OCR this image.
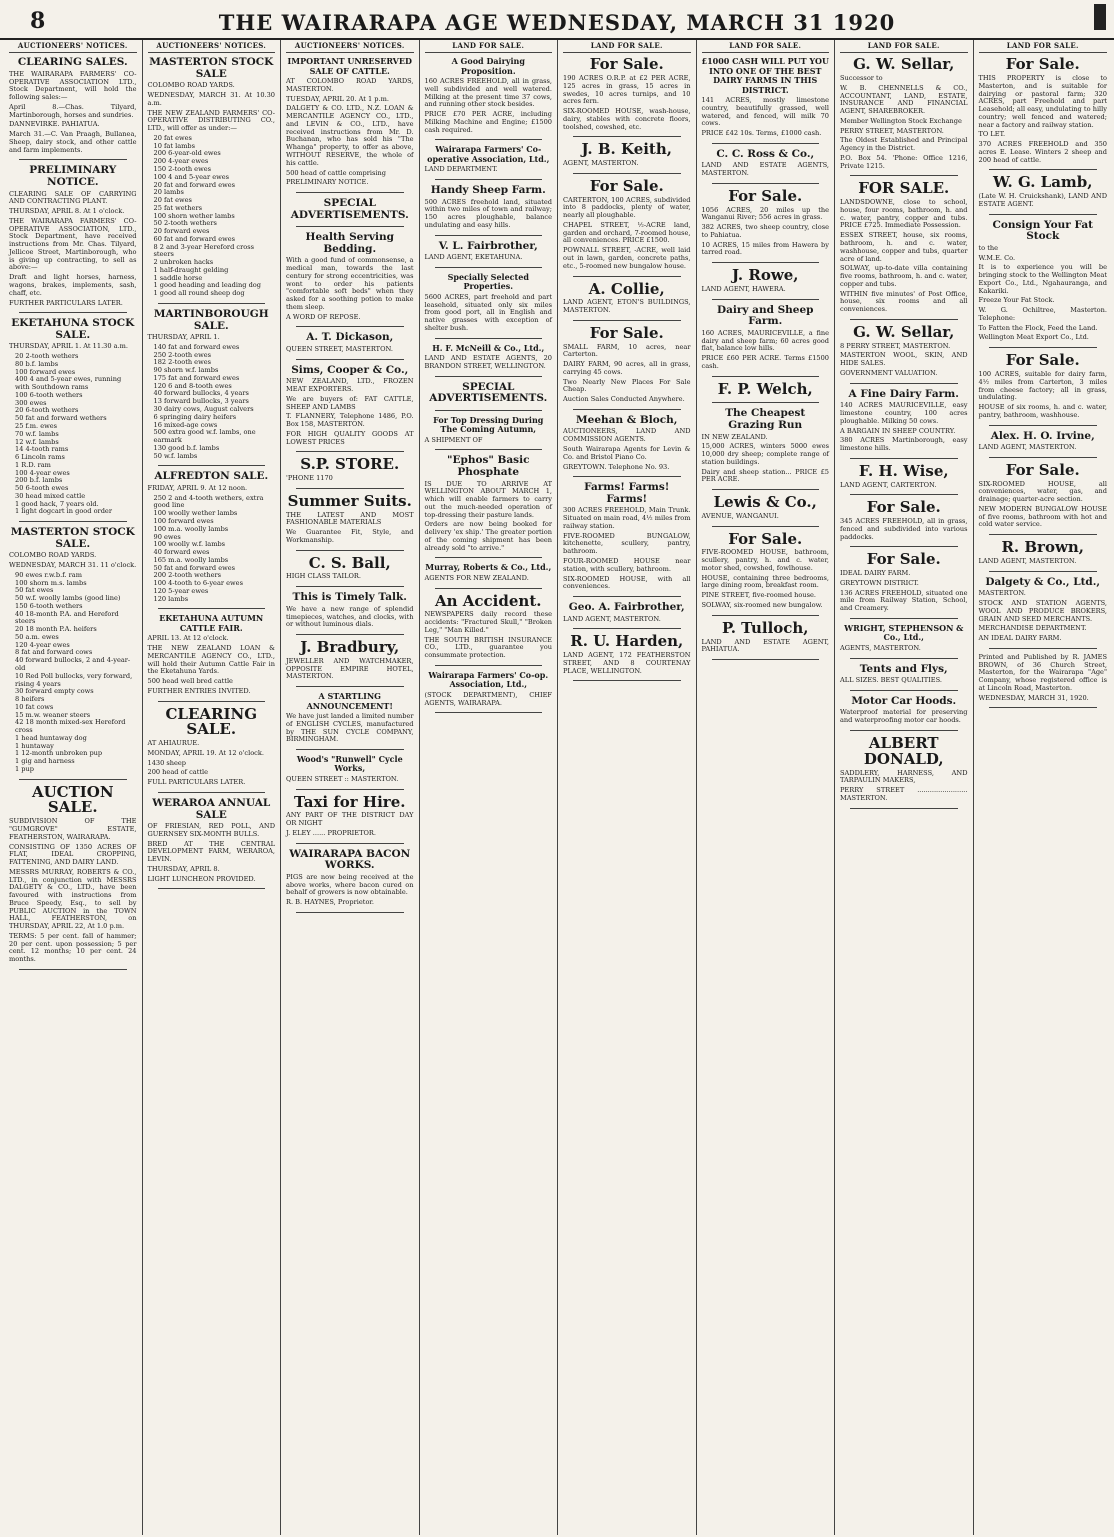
8	THE WAIRARAPA AGE WEDNESDAY, MARCH 31 1920
AUCTIONEERS' NOTICES.
CLEARING SALES.
THE WAIRARAPA FARMERS' CO-OPERATIVE ASSOCIATION LTD., Stock Department, will hold the following sales:—
April 8.—Chas. Tilyard, Martinborough, horses and sundries.
DANNEVIRKE. PAHIATUA.
March 31.—C. Van Praagh, Bullanea, Sheep, dairy stock, and other cattle and farm implements.
PRELIMINARY NOTICE.
CLEARING SALE OF CARRYING AND CONTRACTING PLANT.
THURSDAY, APRIL 8. At 1 o'clock.
THE WAIRARAPA FARMERS' CO-OPERATIVE ASSOCIATION, LTD., Stock Department, have received instructions from Mr. Chas. Tilyard, Jellicoe Street, Martinborough, who is giving up contracting, to sell as above:—
Draft and light horses, harness, wagons, brakes, implements, sash, chaff, etc.
FURTHER PARTICULARS LATER.
EKETAHUNA STOCK SALE.
THURSDAY, APRIL 1. At 11.30 a.m.
20 2-tooth wethers
80 b.f. lambs
100 forward ewes
400 4 and 5-year ewes, running with Southdown rams
100 6-tooth wethers
300 ewes
20 6-tooth wethers
50 fat and forward wethers
25 f.m. ewes
70 w.f. lambs
12 w.f. lambs
14 4-tooth rams
6 Lincoln rams
1 R.D. ram
100 4-year ewes
200 b.f. lambs
50 6-tooth ewes
30 head mixed cattle
1 good hack, 7 years old.
1 light dogcart in good order
MASTERTON STOCK SALE.
COLOMBO ROAD YARDS.
WEDNESDAY, MARCH 31. 11 o'clock.
90 ewes r.w.b.f. ram
100 shorn m.s. lambs
50 fat ewes
50 w.f. woolly lambs (good line)
150 6-tooth wethers
40 18-month P.A. and Hereford steers
20 18 month P.A. heifers
50 a.m. ewes
120 4-year ewes
8 fat and forward cows
40 forward bullocks, 2 and 4-year-old
10 Red Poll bullocks, very forward, rising 4 years
30 forward empty cows
8 heifers
10 fat cows
15 m.w. weaner steers
42 18 month mixed-sex Hereford cross
1 head huntaway dog
1 huntaway
1 12-month unbroken pup
1 gig and harness
1 pup
AUCTION SALE.
SUBDIVISION OF THE "GUMGROVE" ESTATE, FEATHERSTON, WAIRARAPA.
CONSISTING OF 1350 ACRES OF FLAT, IDEAL CROPPING, FATTENING, AND DAIRY LAND.
MESSRS MURRAY, ROBERTS & CO., LTD., in conjunction with MESSRS DALGETY & CO., LTD., have been favoured with instructions from Bruce Speedy, Esq., to sell by PUBLIC AUCTION in the TOWN HALL, FEATHERSTON, on THURSDAY, APRIL 22, At 1.0 p.m.
TERMS: 5 per cent. fall of hammer; 20 per cent. upon possession; 5 per cent. 12 months; 10 per cent. 24 months.
AUCTIONEERS' NOTICES.
MASTERTON STOCK SALE
COLOMBO ROAD YARDS.
WEDNESDAY, MARCH 31. At 10.30 a.m.
THE NEW ZEALAND FARMERS' CO-OPERATIVE DISTRIBUTING CO., LTD., will offer as under:—
20 fat ewes
10 fat lambs
200 6-year-old ewes
200 4-year ewes
150 2-tooth ewes
100 4 and 5-year ewes
20 fat and forward ewes
20 lambs
20 fat ewes
25 fat wethers
100 shorn wether lambs
50 2-tooth wethers
20 forward ewes
60 fat and forward ewes
8 2 and 3-year Hereford cross steers
2 unbroken hacks
1 half-draught gelding
1 saddle horse
1 good heading and leading dog
1 good all round sheep dog
MARTINBOROUGH SALE.
THURSDAY, APRIL 1.
140 fat and forward ewes
250 2-tooth ewes
182 2-tooth ewes
90 shorn w.f. lambs
175 fat and forward ewes
120 6 and 8-tooth ewes
40 forward bullocks, 4 years
13 forward bullocks, 3 years
30 dairy cows, August calvers
6 springing dairy heifers
16 mixed-age cows
500 extra good w.f. lambs, one earmark
130 good b.f. lambs
50 w.f. lambs
ALFREDTON SALE.
FRIDAY, APRIL 9. At 12 noon.
250 2 and 4-tooth wethers, extra good line
100 woolly wether lambs
100 forward ewes
100 m.a. woolly lambs
90 ewes
100 woolly w.f. lambs
40 forward ewes
165 m.a. woolly lambs
50 fat and forward ewes
200 2-tooth wethers
100 4-tooth to 6-year ewes
120 5-year ewes
120 lambs
EKETAHUNA AUTUMN CATTLE FAIR.
APRIL 13. At 12 o'clock.
THE NEW ZEALAND LOAN & MERCANTILE AGENCY CO., LTD., will hold their Autumn Cattle Fair in the Eketahuna Yards.
500 head well bred cattle
FURTHER ENTRIES INVITED.
CLEARING SALE.
AT AHIAURUE.
MONDAY, APRIL 19. At 12 o'clock.
1430 sheep
200 head of cattle
FULL PARTICULARS LATER.
WERAROA ANNUAL SALE
OF FRIESIAN, RED POLL, AND GUERNSEY SIX-MONTH BULLS.
BRED AT THE CENTRAL DEVELOPMENT FARM, WERAROA, LEVIN.
THURSDAY, APRIL 8.
LIGHT LUNCHEON PROVIDED.
AUCTIONEERS' NOTICES.
IMPORTANT UNRESERVED SALE OF CATTLE.
AT COLOMBO ROAD YARDS, MASTERTON.
TUESDAY, APRIL 20. At 1 p.m.
DALGETY & CO. LTD., N.Z. LOAN & MERCANTILE AGENCY CO., LTD., and LEVIN & CO., LTD., have received instructions from Mr. D. Buchanan, who has sold his "The Whanga" property, to offer as above, WITHOUT RESERVE, the whole of his cattle.
500 head of cattle comprising
PRELIMINARY NOTICE.
SPECIAL ADVERTISEMENTS.
Health Serving Bedding.
With a good fund of commonsense, a medical man, towards the last century for strong eccentricities, was wont to order his patients "comfortable soft beds" when they asked for a soothing potion to make them sleep.
A WORD OF REPOSE.
A. T. Dickason,
QUEEN STREET, MASTERTON.
Sims, Cooper & Co.,
NEW ZEALAND, LTD., FROZEN MEAT EXPORTERS.
We are buyers of: FAT CATTLE, SHEEP AND LAMBS
T. FLANNERY, Telephone 1486, P.O. Box 158, MASTERTON.
FOR HIGH QUALITY GOODS AT LOWEST PRICES
S.P. STORE.
'PHONE 1170
Summer Suits.
THE LATEST AND MOST FASHIONABLE MATERIALS
We Guarantee Fit, Style, and Workmanship.
C. S. Ball,
HIGH CLASS TAILOR.
This is Timely Talk.
We have a new range of splendid timepieces, watches, and clocks, with or without luminous dials.
J. Bradbury,
JEWELLER AND WATCHMAKER, OPPOSITE EMPIRE HOTEL, MASTERTON.
A STARTLING ANNOUNCEMENT!
We have just landed a limited number of ENGLISH CYCLES, manufactured by THE SUN CYCLE COMPANY, BIRMINGHAM.
Wood's "Runwell" Cycle Works,
QUEEN STREET :: MASTERTON.
Taxi for Hire.
ANY PART OF THE DISTRICT DAY OR NIGHT
J. ELEY ...... PROPRIETOR.
WAIRARAPA BACON WORKS.
PIGS are now being received at the above works, where bacon cured on behalf of growers is now obtainable.
R. B. HAYNES, Proprietor.
LAND FOR SALE.
A Good Dairying Proposition.
160 ACRES FREEHOLD, all in grass, well subdivided and well watered. Milking at the present time 37 cows, and running other stock besides.
PRICE £70 PER ACRE, including Milking Machine and Engine; £1500 cash required.
Wairarapa Farmers' Co-operative Association, Ltd.,
LAND DEPARTMENT.
Handy Sheep Farm.
500 ACRES freehold land, situated within two miles of town and railway; 150 acres ploughable, balance undulating and easy hills.
V. L. Fairbrother,
LAND AGENT, EKETAHUNA.
Specially Selected Properties.
5600 ACRES, part freehold and part leasehold, situated only six miles from good port, all in English and native grasses with exception of shelter bush.
H. F. McNeill & Co., Ltd.,
LAND AND ESTATE AGENTS, 20 BRANDON STREET, WELLINGTON.
SPECIAL ADVERTISEMENTS.
For Top Dressing During The Coming Autumn,
A SHIPMENT OF
"Ephos" Basic Phosphate
IS DUE TO ARRIVE AT WELLINGTON ABOUT MARCH 1, which will enable farmers to carry out the much-needed operation of top-dressing their pasture lands.
Orders are now being booked for delivery 'ex ship.' The greater portion of the coming shipment has been already sold "to arrive."
Murray, Roberts & Co., Ltd.,
AGENTS FOR NEW ZEALAND.
An Accident.
NEWSPAPERS daily record these accidents: "Fractured Skull," "Broken Leg," "Man Killed."
THE SOUTH BRITISH INSURANCE CO., LTD., guarantee you consummate protection.
Wairarapa Farmers' Co-op. Association, Ltd.,
(STOCK DEPARTMENT), CHIEF AGENTS, WAIRARAPA.
LAND FOR SALE.
For Sale.
190 ACRES O.R.P. at £2 PER ACRE, 125 acres in grass, 15 acres in swedes, 10 acres turnips, and 10 acres fern.
SIX-ROOMED HOUSE, wash-house, dairy, stables with concrete floors, toolshed, cowshed, etc.
J. B. Keith,
AGENT, MASTERTON.
For Sale.
CARTERTON, 100 ACRES, subdivided into 8 paddocks, plenty of water, nearly all ploughable.
CHAPEL STREET, ½-ACRE land, garden and orchard, 7-roomed house, all conveniences. PRICE £1500.
POWNALL STREET, -ACRE, well laid out in lawn, garden, concrete paths, etc., 5-roomed new bungalow house.
A. Collie,
LAND AGENT, ETON'S BUILDINGS, MASTERTON.
For Sale.
SMALL FARM, 10 acres, near Carterton.
DAIRY FARM, 90 acres, all in grass, carrying 45 cows.
Two Nearly New Places For Sale Cheap.
Auction Sales Conducted Anywhere.
Meehan & Bloch,
AUCTIONEERS, LAND AND COMMISSION AGENTS.
South Wairarapa Agents for Levin & Co. and Bristol Piano Co.
GREYTOWN. Telephone No. 93.
Farms! Farms! Farms!
300 ACRES FREEHOLD, Main Trunk. Situated on main road, 4½ miles from railway station.
FIVE-ROOMED BUNGALOW, kitchenette, scullery, pantry, bathroom.
FOUR-ROOMED HOUSE near station, with scullery, bathroom.
SIX-ROOMED HOUSE, with all conveniences.
Geo. A. Fairbrother,
LAND AGENT, MASTERTON.
R. U. Harden,
LAND AGENT, 172 FEATHERSTON STREET, AND 8 COURTENAY PLACE, WELLINGTON.
LAND FOR SALE.
£1000 CASH WILL PUT YOU INTO ONE OF THE BEST DAIRY FARMS IN THIS DISTRICT.
141 ACRES, mostly limestone country, beautifully grassed, well watered, and fenced, will milk 70 cows.
PRICE £42 10s. Terms, £1000 cash.
C. C. Ross & Co.,
LAND AND ESTATE AGENTS, MASTERTON.
For Sale.
1056 ACRES, 20 miles up the Wanganui River; 556 acres in grass.
382 ACRES, two sheep country, close to Pahiatua.
10 ACRES, 15 miles from Hawera by tarred road.
J. Rowe,
LAND AGENT, HAWERA.
Dairy and Sheep Farm.
160 ACRES, MAURICEVILLE, a fine dairy and sheep farm; 60 acres good flat, balance low hills.
PRICE £60 PER ACRE. Terms £1500 cash.
F. P. Welch,
The Cheapest Grazing Run
IN NEW ZEALAND.
15,000 ACRES, winters 5000 ewes 10,000 dry sheep; complete range of station buildings.
Dairy and sheep station... PRICE £5 PER ACRE.
Lewis & Co.,
AVENUE, WANGANUI.
For Sale.
FIVE-ROOMED HOUSE, bathroom, scullery, pantry, h. and c. water, motor shed, cowshed, fowlhouse.
HOUSE, containing three bedrooms, large dining room, breakfast room.
PINE STREET, five-roomed house.
SOLWAY, six-roomed new bungalow.
P. Tulloch,
LAND AND ESTATE AGENT, PAHIATUA.
LAND FOR SALE.
G. W. Sellar,
Successor to
W. B. CHENNELLS & CO., ACCOUNTANT, LAND, ESTATE, INSURANCE AND FINANCIAL AGENT, SHAREBROKER.
Member Wellington Stock Exchange
PERRY STREET, MASTERTON.
The Oldest Established and Principal Agency in the District.
P.O. Box 54. 'Phone: Office 1216, Private 1215.
FOR SALE.
LANDSDOWNE, close to school, house, four rooms, bathroom, h. and c. water, pantry, copper and tubs. PRICE £725. Immediate Possession.
ESSEX STREET, house, six rooms, bathroom, h. and c. water, washhouse, copper and tubs, quarter acre of land.
SOLWAY, up-to-date villa containing five rooms, bathroom, h. and c. water, copper and tubs.
WITHIN five minutes' of Post Office, house, six rooms and all conveniences.
G. W. Sellar,
8 PERRY STREET, MASTERTON.
MASTERTON WOOL, SKIN, AND HIDE SALES.
GOVERNMENT VALUATION.
A Fine Dairy Farm.
140 ACRES MAURICEVILLE, easy limestone country, 100 acres ploughable. Milking 50 cows.
A BARGAIN IN SHEEP COUNTRY.
380 ACRES Martinborough, easy limestone hills.
F. H. Wise,
LAND AGENT, CARTERTON.
For Sale.
345 ACRES FREEHOLD, all in grass, fenced and subdivided into various paddocks.
For Sale.
IDEAL DAIRY FARM.
GREYTOWN DISTRICT.
136 ACRES FREEHOLD, situated one mile from Railway Station, School, and Creamery.
WRIGHT, STEPHENSON & Co., Ltd.,
AGENTS, MASTERTON.
Tents and Flys,
ALL SIZES. BEST QUALITIES.
Motor Car Hoods.
Waterproof material for preserving and waterproofing motor car hoods.
ALBERT DONALD,
SADDLERY, HARNESS, AND TARPAULIN MAKERS,
PERRY STREET ........................ MASTERTON.
LAND FOR SALE.
For Sale.
THIS PROPERTY is close to Masterton, and is suitable for dairying or pastoral farm; 320 ACRES, part Freehold and part Leasehold; all easy, undulating to hilly country; well fenced and watered; near a factory and railway station.
TO LET.
370 ACRES FREEHOLD and 350 acres E. Lease. Winters 2 sheep and 200 head of cattle.
W. G. Lamb,
(Late W. H. Cruickshank), LAND AND ESTATE AGENT.
Consign Your Fat Stock
to the
W.M.E. Co.
It is to experience you will be bringing stock to the Wellington Meat Export Co., Ltd., Ngahauranga, and Kakariki.
Freeze Your Fat Stock.
W. G. Ochiltree, Masterton. Telephone:
To Fatten the Flock, Feed the Land.
Wellington Meat Export Co., Ltd.
For Sale.
100 ACRES, suitable for dairy farm, 4½ miles from Carterton, 3 miles from cheese factory; all in grass, undulating.
HOUSE of six rooms, h. and c. water, pantry, bathroom, washhouse.
Alex. H. O. Irvine,
LAND AGENT, MASTERTON.
For Sale.
SIX-ROOMED HOUSE, all conveniences, water, gas, and drainage; quarter-acre section.
NEW MODERN BUNGALOW HOUSE of five rooms, bathroom with hot and cold water service.
R. Brown,
LAND AGENT, MASTERTON.
Dalgety & Co., Ltd.,
MASTERTON.
STOCK AND STATION AGENTS, WOOL AND PRODUCE BROKERS, GRAIN AND SEED MERCHANTS.
MERCHANDISE DEPARTMENT.
AN IDEAL DAIRY FARM.
Printed and Published by R. JAMES BROWN, of 36 Church Street, Masterton, for the Wairarapa "Age" Company, whose registered office is at Lincoln Road, Masterton.
WEDNESDAY, MARCH 31, 1920.
